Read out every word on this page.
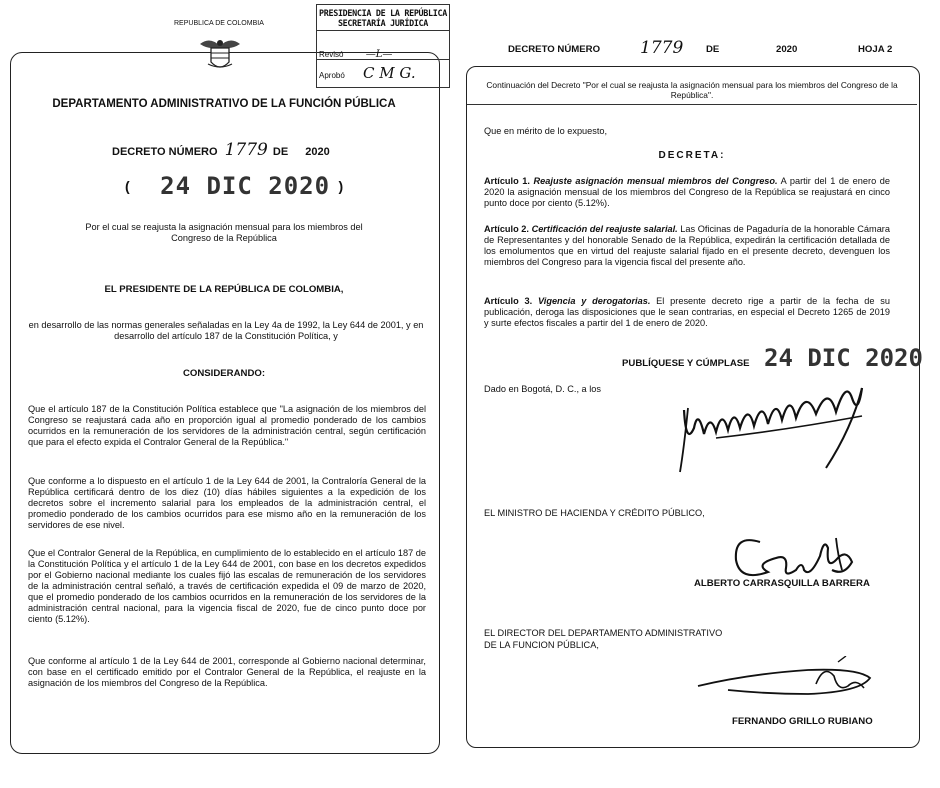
REPUBLICA DE COLOMBIA
PRESIDENCIA DE LA REPÚBLICA
SECRETARÍA JURÍDICA
Revisó —L—
Aprobó C M G.
DEPARTAMENTO ADMINISTRATIVO DE LA FUNCIÓN PÚBLICA
DECRETO NÚMERO 1779 DE 2020
( 24 DIC 2020 )
Por el cual se reajusta la asignación mensual para los miembros del Congreso de la República
EL PRESIDENTE DE LA REPÚBLICA DE COLOMBIA,
en desarrollo de las normas generales señaladas en la Ley 4a de 1992, la Ley 644 de 2001, y en desarrollo del artículo 187 de la Constitución Política, y
CONSIDERANDO:
Que el artículo 187 de la Constitución Política establece que "La asignación de los miembros del Congreso se reajustará cada año en proporción igual al promedio ponderado de los cambios ocurridos en la remuneración de los servidores de la administración central, según certificación que para el efecto expida el Contralor General de la República."
Que conforme a lo dispuesto en el artículo 1 de la Ley 644 de 2001, la Contraloría General de la República certificará dentro de los diez (10) días hábiles siguientes a la expedición de los decretos sobre el incremento salarial para los empleados de la administración central, el promedio ponderado de los cambios ocurridos para ese mismo año en la remuneración de los servidores de ese nivel.
Que el Contralor General de la República, en cumplimiento de lo establecido en el artículo 187 de la Constitución Política y el artículo 1 de la Ley 644 de 2001, con base en los decretos expedidos por el Gobierno nacional mediante los cuales fijó las escalas de remuneración de los servidores de la administración central señaló, a través de certificación expedida el 09 de marzo de 2020, que el promedio ponderado de los cambios ocurridos en la remuneración de los servidores de la administración central nacional, para la vigencia fiscal de 2020, fue de cinco punto doce por ciento (5.12%).
Que conforme al artículo 1 de la Ley 644 de 2001, corresponde al Gobierno nacional determinar, con base en el certificado emitido por el Contralor General de la República, el reajuste en la asignación de los miembros del Congreso de la República.
DECRETO NÚMERO 1779 DE	2020	HOJA 2
Continuación del Decreto "Por el cual se reajusta la asignación mensual para los miembros del Congreso de la República".
Que en mérito de lo expuesto,
DECRETA:
Artículo 1. Reajuste asignación mensual miembros del Congreso. A partir del 1 de enero de 2020 la asignación mensual de los miembros del Congreso de la República se reajustará en cinco punto doce por ciento (5.12%).
Artículo 2. Certificación del reajuste salarial. Las Oficinas de Pagaduría de la honorable Cámara de Representantes y del honorable Senado de la República, expedirán la certificación detallada de los emolumentos que en virtud del reajuste salarial fijado en el presente decreto, devenguen los miembros del Congreso para la vigencia fiscal del presente año.
Artículo 3. Vigencia y derogatorias. El presente decreto rige a partir de la fecha de su publicación, deroga las disposiciones que le sean contrarias, en especial el Decreto 1265 de 2019 y surte efectos fiscales a partir del 1 de enero de 2020.
PUBLÍQUESE Y CÚMPLASE 24 DIC 2020
Dado en Bogotá, D. C., a los
EL MINISTRO DE HACIENDA Y CRÉDITO PÚBLICO,
ALBERTO CARRASQUILLA BARRERA
EL DIRECTOR DEL DEPARTAMENTO ADMINISTRATIVO
DE LA FUNCION PÚBLICA,
FERNANDO GRILLO RUBIANO
